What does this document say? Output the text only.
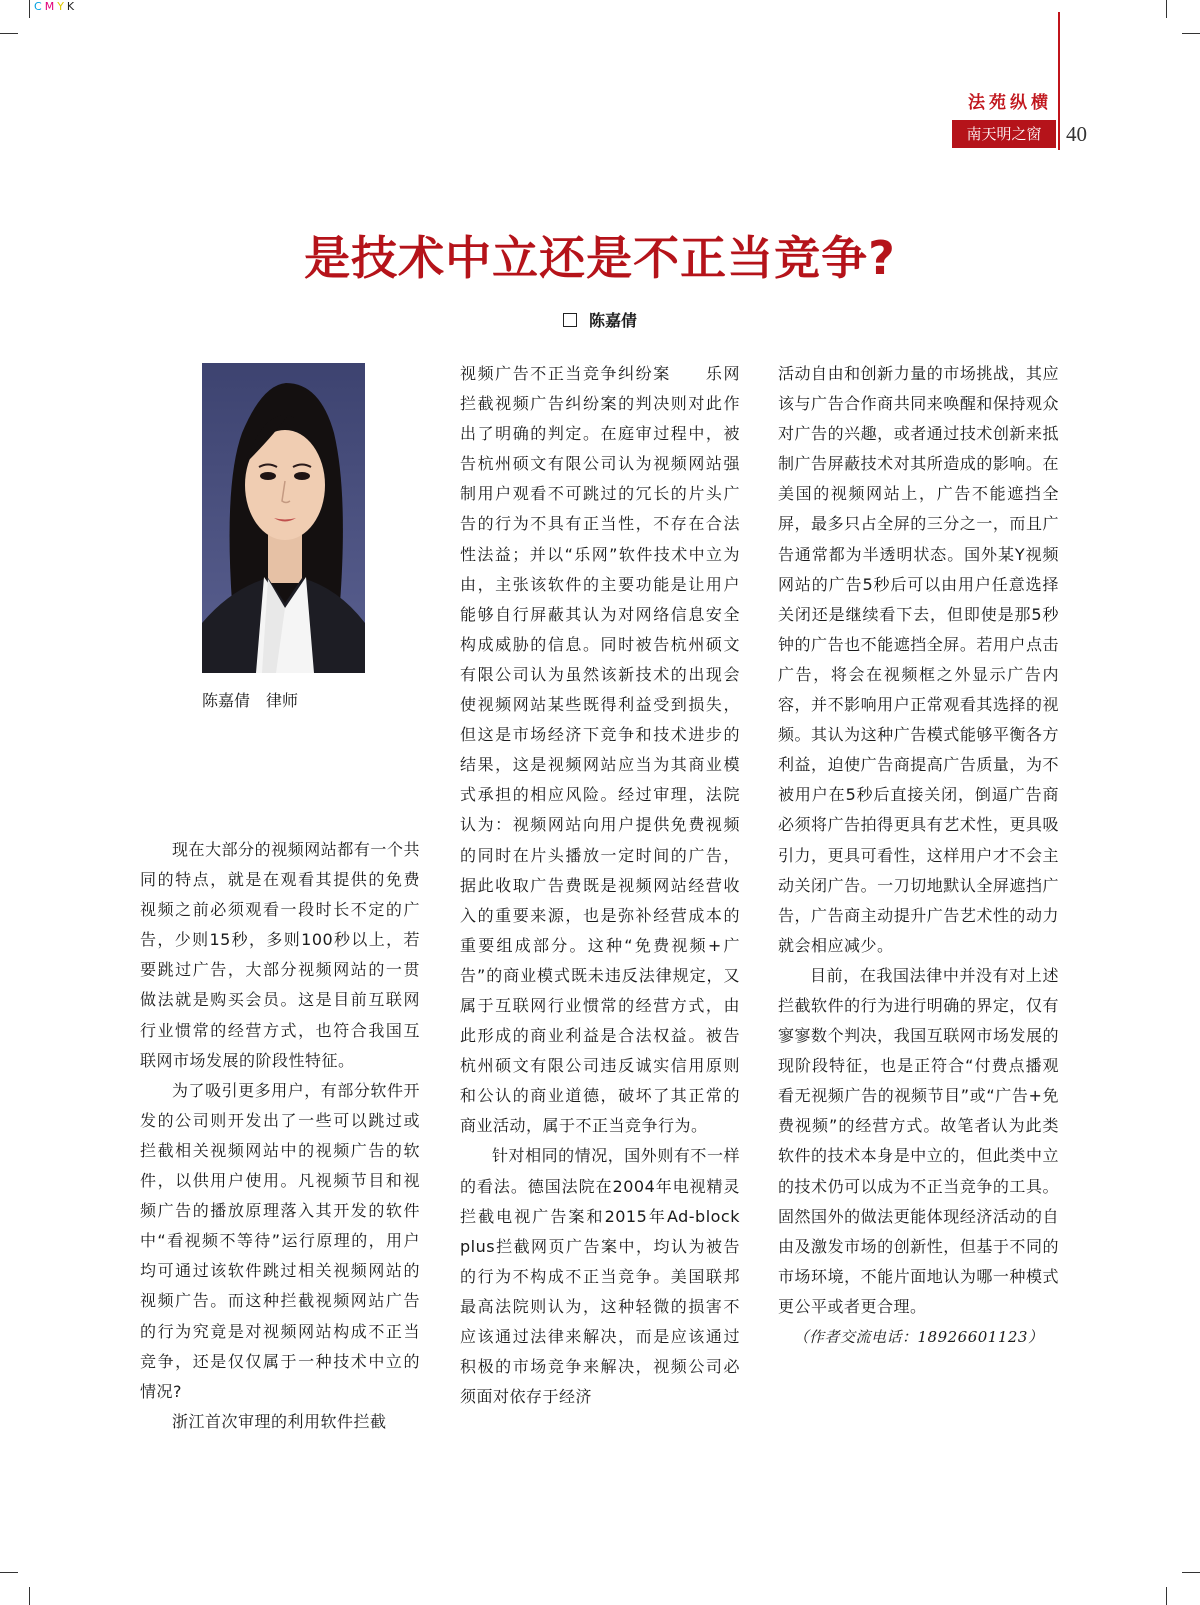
CMYK
法苑纵横
南天明之窗	40
是技术中立还是不正当竞争?
陈嘉倩
陈嘉倩　律师

现在大部分的视频网站都有一个共同的特点，就是在观看其提供的免费视频之前必须观看一段时长不定的广告，少则15秒，多则100秒以上，若要跳过广告，大部分视频网站的一贯做法就是购买会员。这是目前互联网行业惯常的经营方式，也符合我国互联网市场发展的阶段性特征。

为了吸引更多用户，有部分软件开发的公司则开发出了一些可以跳过或拦截相关视频网站中的视频广告的软件，以供用户使用。凡视频节目和视频广告的播放原理落入其开发的软件中“看视频不等待”运行原理的，用户均可通过该软件跳过相关视频网站的视频广告。而这种拦截视频网站广告的行为究竟是对视频网站构成不正当竞争，还是仅仅属于一种技术中立的情况?

浙江首次审理的利用软件拦截

视频广告不正当竞争纠纷案　　乐网拦截视频广告纠纷案的判决则对此作出了明确的判定。在庭审过程中，被告杭州硕文有限公司认为视频网站强制用户观看不可跳过的冗长的片头广告的行为不具有正当性，不存在合法性法益；并以“乐网”软件技术中立为由，主张该软件的主要功能是让用户能够自行屏蔽其认为对网络信息安全构成威胁的信息。同时被告杭州硕文有限公司认为虽然该新技术的出现会使视频网站某些既得利益受到损失，但这是市场经济下竞争和技术进步的结果，这是视频网站应当为其商业模式承担的相应风险。经过审理，法院认为：视频网站向用户提供免费视频的同时在片头播放一定时间的广告，据此收取广告费既是视频网站经营收入的重要来源，也是弥补经营成本的重要组成部分。这种“免费视频+广告”的商业模式既未违反法律规定，又属于互联网行业惯常的经营方式，由此形成的商业利益是合法权益。被告杭州硕文有限公司违反诚实信用原则和公认的商业道德，破坏了其正常的商业活动，属于不正当竞争行为。

针对相同的情况，国外则有不一样的看法。德国法院在2004年电视精灵拦截电视广告案和2015年Ad-block plus拦截网页广告案中，均认为被告的行为不构成不正当竞争。美国联邦最高法院则认为，这种轻微的损害不应该通过法律来解决，而是应该通过积极的市场竞争来解决，视频公司必须面对依存于经济

活动自由和创新力量的市场挑战，其应该与广告合作商共同来唤醒和保持观众对广告的兴趣，或者通过技术创新来抵制广告屏蔽技术对其所造成的影响。在美国的视频网站上，广告不能遮挡全屏，最多只占全屏的三分之一，而且广告通常都为半透明状态。国外某Y视频网站的广告5秒后可以由用户任意选择关闭还是继续看下去，但即使是那5秒钟的广告也不能遮挡全屏。若用户点击广告，将会在视频框之外显示广告内容，并不影响用户正常观看其选择的视频。其认为这种广告模式能够平衡各方利益，迫使广告商提高广告质量，为不被用户在5秒后直接关闭，倒逼广告商必须将广告拍得更具有艺术性，更具吸引力，更具可看性，这样用户才不会主动关闭广告。一刀切地默认全屏遮挡广告，广告商主动提升广告艺术性的动力就会相应减少。

目前，在我国法律中并没有对上述拦截软件的行为进行明确的界定，仅有寥寥数个判决，我国互联网市场发展的现阶段特征，也是正符合“付费点播观看无视频广告的视频节目”或“广告+免费视频”的经营方式。故笔者认为此类软件的技术本身是中立的，但此类中立的技术仍可以成为不正当竞争的工具。固然国外的做法更能体现经济活动的自由及激发市场的创新性，但基于不同的市场环境，不能片面地认为哪一种模式更公平或者更合理。

（作者交流电话：18926601123）
